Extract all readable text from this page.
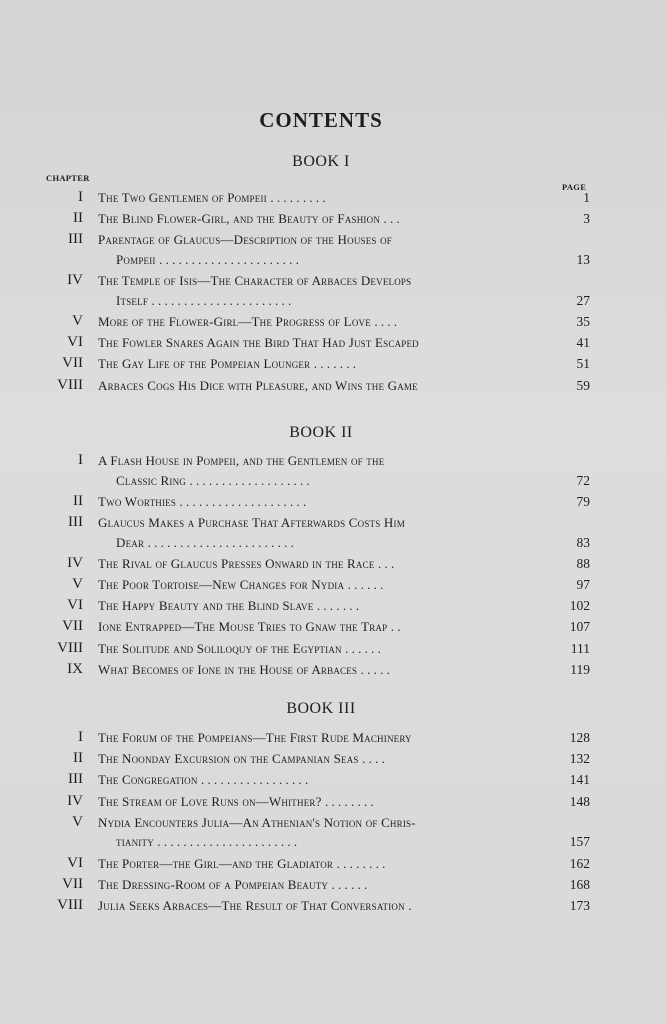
CONTENTS
CHAPTER
PAGE
BOOK I
I The Two Gentlemen of Pompeii . . . . . . . . .	1
II The Blind Flower-Girl, and the Beauty of Fashion . . .	3
III Parentage of Glaucus—Description of the Houses of
Pompeii . . . . . . . . . . . . . . . . . . . . . .	13
IV The Temple of Isis—The Character of Arbaces Develops
Itself . . . . . . . . . . . . . . . . . . . . . .	27
V More of the Flower-Girl—The Progress of Love . . . .	35
VI The Fowler Snares Again the Bird That Had Just Escaped	41
VII The Gay Life of the Pompeian Lounger . . . . . . .	51
VIII Arbaces Cogs His Dice with Pleasure, and Wins the Game	59
BOOK II
I A Flash House in Pompeii, and the Gentlemen of the
Classic Ring . . . . . . . . . . . . . . . . . . .	72
II Two Worthies . . . . . . . . . . . . . . . . . . . .	79
III Glaucus Makes a Purchase That Afterwards Costs Him
Dear . . . . . . . . . . . . . . . . . . . . . . .	83
IV The Rival of Glaucus Presses Onward in the Race . . .	88
V The Poor Tortoise—New Changes for Nydia . . . . . .	97
VI The Happy Beauty and the Blind Slave . . . . . . .	102
VII Ione Entrapped—The Mouse Tries to Gnaw the Trap . .	107
VIII The Solitude and Soliloquy of the Egyptian . . . . . .	111
IX What Becomes of Ione in the House of Arbaces . . . . .	119
BOOK III
I The Forum of the Pompeians—The First Rude Machinery	128
II The Noonday Excursion on the Campanian Seas . . . .	132
III The Congregation . . . . . . . . . . . . . . . . .	141
IV The Stream of Love Runs on—Whither? . . . . . . . .	148
V Nydia Encounters Julia—An Athenian's Notion of Chris-
tianity . . . . . . . . . . . . . . . . . . . . . .	157
VI The Porter—the Girl—and the Gladiator . . . . . . . .	162
VII The Dressing-Room of a Pompeian Beauty . . . . . .	168
VIII Julia Seeks Arbaces—The Result of That Conversation .	173
